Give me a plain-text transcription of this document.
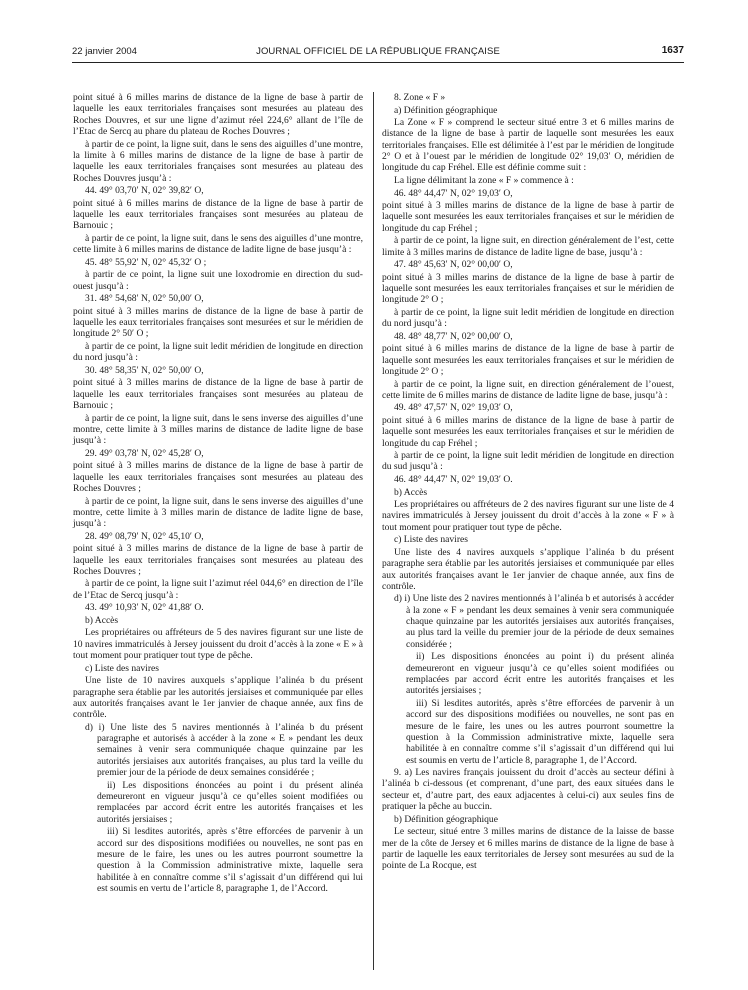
22 janvier 2004	JOURNAL OFFICIEL DE LA RÉPUBLIQUE FRANÇAISE	1637

point situé à 6 milles marins de distance de la ligne de base à partir de laquelle les eaux territoriales françaises sont mesurées au plateau des Roches Douvres, et sur une ligne d’azimut réel 224,6° allant de l’île de l’Etac de Sercq au phare du plateau de Roches Douvres ;

à partir de ce point, la ligne suit, dans le sens des aiguilles d’une montre, la limite à 6 milles marins de distance de la ligne de base à partir de laquelle les eaux territoriales françaises sont mesurées au plateau des Roches Douvres jusqu’à :

44. 49° 03,70′ N, 02° 39,82′ O,

point situé à 6 milles marins de distance de la ligne de base à partir de laquelle les eaux territoriales françaises sont mesurées au plateau de Barnouic ;

à partir de ce point, la ligne suit, dans le sens des aiguilles d’une montre, cette limite à 6 milles marins de distance de ladite ligne de base jusqu’à :

45. 48° 55,92′ N, 02° 45,32′ O ;

à partir de ce point, la ligne suit une loxodromie en direction du sud-ouest jusqu’à :

31. 48° 54,68′ N, 02° 50,00′ O,

point situé à 3 milles marins de distance de la ligne de base à partir de laquelle les eaux territoriales françaises sont mesurées et sur le méridien de longitude 2° 50′ O ;

à partir de ce point, la ligne suit ledit méridien de longitude en direction du nord jusqu’à :

30. 48° 58,35′ N, 02° 50,00′ O,

point situé à 3 milles marins de distance de la ligne de base à partir de laquelle les eaux territoriales françaises sont mesurées au plateau de Barnouic ;

à partir de ce point, la ligne suit, dans le sens inverse des aiguilles d’une montre, cette limite à 3 milles marins de distance de ladite ligne de base jusqu’à :

29. 49° 03,78′ N, 02° 45,28′ O,

point situé à 3 milles marins de distance de la ligne de base à partir de laquelle les eaux territoriales françaises sont mesurées au plateau des Roches Douvres ;

à partir de ce point, la ligne suit, dans le sens inverse des aiguilles d’une montre, cette limite à 3 milles marin de distance de ladite ligne de base, jusqu’à :

28. 49° 08,79′ N, 02° 45,10′ O,

point situé à 3 milles marins de distance de la ligne de base à partir de laquelle les eaux territoriales françaises sont mesurées au plateau des Roches Douvres ;

à partir de ce point, la ligne suit l’azimut réel 044,6° en direction de l’île de l’Etac de Sercq jusqu’à :

43. 49° 10,93′ N, 02° 41,88′ O.

b) Accès

Les propriétaires ou affréteurs de 5 des navires figurant sur une liste de 10 navires immatriculés à Jersey jouissent du droit d’accès à la zone « E » à tout moment pour pratiquer tout type de pêche.

c) Liste des navires

Une liste de 10 navires auxquels s’applique l’alinéa b du présent paragraphe sera établie par les autorités jersiaises et communiquée par elles aux autorités françaises avant le 1er janvier de chaque année, aux fins de contrôle.

d) i) Une liste des 5 navires mentionnés à l’alinéa b du présent paragraphe et autorisés à accéder à la zone « E » pendant les deux semaines à venir sera communiquée chaque quinzaine par les autorités jersiaises aux autorités françaises, au plus tard la veille du premier jour de la période de deux semaines considérée ;

ii) Les dispositions énoncées au point i du présent alinéa demeureront en vigueur jusqu’à ce qu’elles soient modifiées ou remplacées par accord écrit entre les autorités françaises et les autorités jersiaises ;

iii) Si lesdites autorités, après s’être efforcées de parvenir à un accord sur des dispositions modifiées ou nouvelles, ne sont pas en mesure de le faire, les unes ou les autres pourront soumettre la question à la Commission administrative mixte, laquelle sera habilitée à en connaître comme s’il s’agissait d’un différend qui lui est soumis en vertu de l’article 8, paragraphe 1, de l’Accord.

8. Zone « F »

a) Définition géographique

La Zone « F » comprend le secteur situé entre 3 et 6 milles marins de distance de la ligne de base à partir de laquelle sont mesurées les eaux territoriales françaises. Elle est délimitée à l’est par le méridien de longitude 2° O et à l’ouest par le méridien de longitude 02° 19,03′ O, méridien de longitude du cap Fréhel. Elle est définie comme suit :

La ligne délimitant la zone « F » commence à :

46. 48° 44,47′ N, 02° 19,03′ O,

point situé à 3 milles marins de distance de la ligne de base à partir de laquelle sont mesurées les eaux territoriales françaises et sur le méridien de longitude du cap Fréhel ;

à partir de ce point, la ligne suit, en direction généralement de l’est, cette limite à 3 milles marins de distance de ladite ligne de base, jusqu’à :

47. 48° 45,63′ N, 02° 00,00′ O,

point situé à 3 milles marins de distance de la ligne de base à partir de laquelle sont mesurées les eaux territoriales françaises et sur le méridien de longitude 2° O ;

à partir de ce point, la ligne suit ledit méridien de longitude en direction du nord jusqu’à :

48. 48° 48,77′ N, 02° 00,00′ O,

point situé à 6 milles marins de distance de la ligne de base à partir de laquelle sont mesurées les eaux territoriales françaises et sur le méridien de longitude 2° O ;

à partir de ce point, la ligne suit, en direction généralement de l’ouest, cette limite de 6 milles marins de distance de ladite ligne de base, jusqu’à :

49. 48° 47,57′ N, 02° 19,03′ O,

point situé à 6 milles marins de distance de la ligne de base à partir de laquelle sont mesurées les eaux territoriales françaises et sur le méridien de longitude du cap Fréhel ;

à partir de ce point, la ligne suit ledit méridien de longitude en direction du sud jusqu’à :

46. 48° 44,47′ N, 02° 19,03′ O.

b) Accès

Les propriétaires ou affréteurs de 2 des navires figurant sur une liste de 4 navires immatriculés à Jersey jouissent du droit d’accès à la zone « F » à tout moment pour pratiquer tout type de pêche.

c) Liste des navires

Une liste des 4 navires auxquels s’applique l’alinéa b du présent paragraphe sera établie par les autorités jersiaises et communiquée par elles aux autorités françaises avant le 1er janvier de chaque année, aux fins de contrôle.

d) i) Une liste des 2 navires mentionnés à l’alinéa b et autorisés à accéder à la zone « F » pendant les deux semaines à venir sera communiquée chaque quinzaine par les autorités jersiaises aux autorités françaises, au plus tard la veille du premier jour de la période de deux semaines considérée ;

ii) Les dispositions énoncées au point i) du présent alinéa demeureront en vigueur jusqu’à ce qu’elles soient modifiées ou remplacées par accord écrit entre les autorités françaises et les autorités jersiaises ;

iii) Si lesdites autorités, après s’être efforcées de parvenir à un accord sur des dispositions modifiées ou nouvelles, ne sont pas en mesure de le faire, les unes ou les autres pourront soumettre la question à la Commission administrative mixte, laquelle sera habilitée à en connaître comme s’il s’agissait d’un différend qui lui est soumis en vertu de l’article 8, paragraphe 1, de l’Accord.

9. a) Les navires français jouissent du droit d’accès au secteur défini à l’alinéa b ci-dessous (et comprenant, d’une part, des eaux situées dans le secteur et, d’autre part, des eaux adjacentes à celui-ci) aux seules fins de pratiquer la pêche au buccin.

b) Définition géographique

Le secteur, situé entre 3 milles marins de distance de la laisse de basse mer de la côte de Jersey et 6 milles marins de distance de la ligne de base à partir de laquelle les eaux territoriales de Jersey sont mesurées au sud de la pointe de La Rocque, est
